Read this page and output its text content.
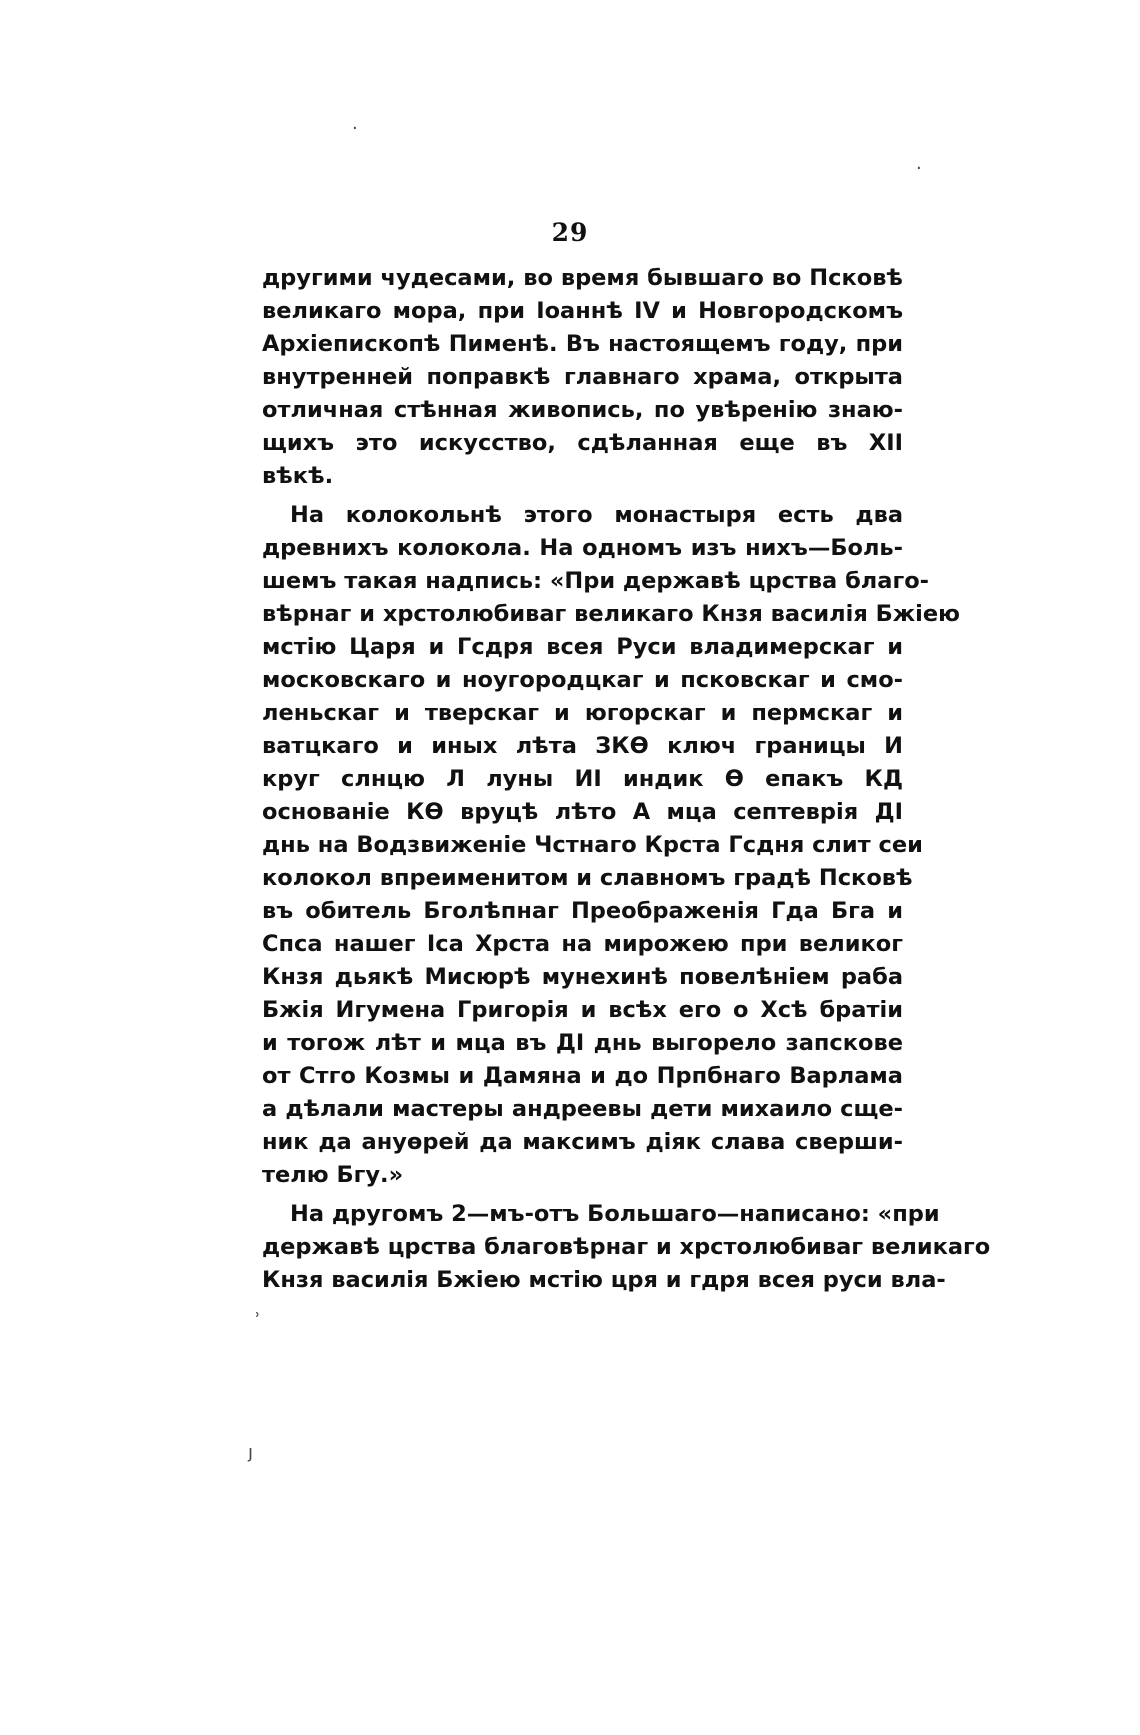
29
другими чудесами, во время бывшаго во Псковѣ
великаго мора, при Іоаннѣ IV и Новгородскомъ
Архіепископѣ Пименѣ. Въ настоящемъ году, при
внутренней поправкѣ главнаго храма, открыта
отличная стѣнная живопись, по увѣренію знаю-
щихъ это искусство, сдѣланная еще въ XII
вѣкѣ.
На колокольнѣ этого монастыря есть два
древнихъ колокола. На одномъ изъ нихъ—Боль-
шемъ такая надпись: «При державѣ црства благо-
вѣрнаг и хрстолюбиваг великаго Кнзя василія Бжіею
мстію Царя и Гсдря всея Руси владимерскаг и
московскаго и ноугородцкаг и псковскаг и смо-
леньскаг и тверскаг и югорскаг и пермскаг и
ватцкаго и иных лѣта ЗКѲ ключ границы И
круг слнцю Л луны ИІ индик Ѳ епакъ КД
основаніе КѲ вруцѣ лѣто А мца септеврія ДІ
днь на Водзвиженіе Чстнаго Крста Гсдня слит сеи
колокол впреименитом и славномъ градѣ Псковѣ
въ обитель Бголѣпнаг Преображенія Гда Бга и
Спса нашег Іса Хрста на мирожею при великог
Кнзя дьякѣ Мисюрѣ мунехинѣ повелѣніем раба
Бжія Игумена Григорія и всѣх его о Хсѣ братіи
и тогож лѣт и мца въ ДІ днь выгорело запскове
от Стго Козмы и Дамяна и до Прпбнаго Варлама
а дѣлали мастеры андреевы дети михаило сще-
ник да ануѳрей да максимъ діяк слава сверши-
телю Бгу.»
На другомъ 2—мъ-отъ Большаго—написано: «при
державѣ црства благовѣрнаг и хрстолюбиваг великаго
Кнзя василія Бжіею мстію цря и гдря всея руси вла-
·
·
ʾ
ȷ
